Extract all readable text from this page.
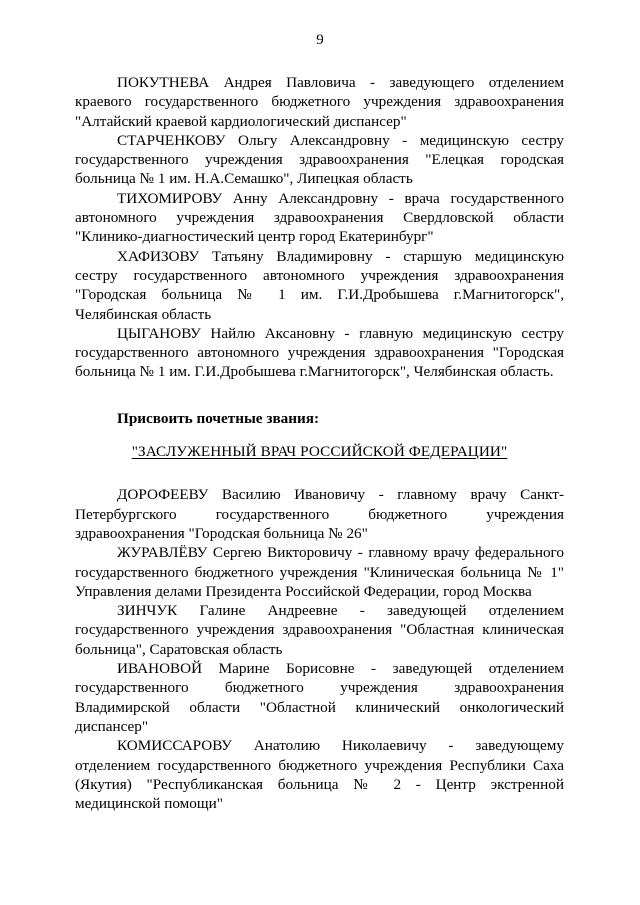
9

ПОКУТНЕВА Андрея Павловича - заведующего отделением краевого государственного бюджетного учреждения здравоохранения "Алтайский краевой кардиологический диспансер"

СТАРЧЕНКОВУ Ольгу Александровну - медицинскую сестру государственного учреждения здравоохранения "Елецкая городская больница № 1 им. Н.А.Семашко", Липецкая область

ТИХОМИРОВУ Анну Александровну - врача государственного автономного учреждения здравоохранения Свердловской области "Клинико-диагностический центр город Екатеринбург"

ХАФИЗОВУ Татьяну Владимировну - старшую медицинскую сестру государственного автономного учреждения здравоохранения "Городская больница № 1 им. Г.И.Дробышева г.Магнитогорск", Челябинская область

ЦЫГАНОВУ Найлю Аксановну - главную медицинскую сестру государственного автономного учреждения здравоохранения "Городская больница № 1 им. Г.И.Дробышева г.Магнитогорск", Челябинская область.

Присвоить почетные звания:

"ЗАСЛУЖЕННЫЙ ВРАЧ РОССИЙСКОЙ ФЕДЕРАЦИИ"

ДОРОФЕЕВУ Василию Ивановичу - главному врачу Санкт-Петербургского государственного бюджетного учреждения здравоохранения "Городская больница № 26"

ЖУРАВЛЁВУ Сергею Викторовичу - главному врачу федерального государственного бюджетного учреждения "Клиническая больница № 1" Управления делами Президента Российской Федерации, город Москва

ЗИНЧУК Галине Андреевне - заведующей отделением государственного учреждения здравоохранения "Областная клиническая больница", Саратовская область

ИВАНОВОЙ Марине Борисовне - заведующей отделением государственного бюджетного учреждения здравоохранения Владимирской области "Областной клинический онкологический диспансер"

КОМИССАРОВУ Анатолию Николаевичу - заведующему отделением государственного бюджетного учреждения Республики Саха (Якутия) "Республиканская больница № 2 - Центр экстренной медицинской помощи"
